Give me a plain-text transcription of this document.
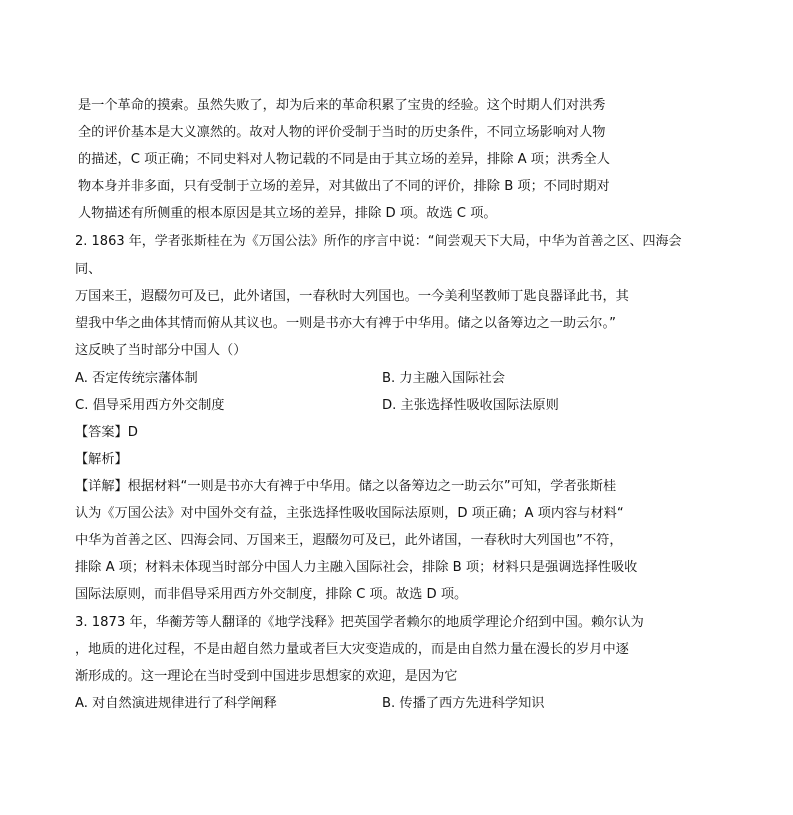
是一个革命的摸索。虽然失败了，却为后来的革命积累了宝贵的经验。这个时期人们对洪秀
全的评价基本是大义凛然的。故对人物的评价受制于当时的历史条件，不同立场影响对人物
的描述，C 项正确；不同史料对人物记载的不同是由于其立场的差异，排除 A 项；洪秀全人
物本身并非多面，只有受制于立场的差异，对其做出了不同的评价，排除 B 项；不同时期对
人物描述有所侧重的根本原因是其立场的差异，排除 D 项。故选 C 项。
2. 1863 年，学者张斯桂在为《万国公法》所作的序言中说：“间尝观天下大局，中华为首善之区、四海会
同、
万国来王，遐醊勿可及已，此外诸国，一春秋时大列国也。一今美利坚教师丁匙良器译此书，其
望我中华之曲体其情而俯从其议也。一则是书亦大有裨于中华用。储之以备筹边之一助云尔。”
这反映了当时部分中国人（）
A. 否定传统宗藩体制	B. 力主融入国际社会
C. 倡导采用西方外交制度	D. 主张选择性吸收国际法原则
【答案】D
【解析】
【详解】根据材料“一则是书亦大有裨于中华用。储之以备筹边之一助云尔”可知，学者张斯桂
认为《万国公法》对中国外交有益，主张选择性吸收国际法原则，D 项正确；A 项内容与材料“
中华为首善之区、四海会同、万国来王，遐醊勿可及已，此外诸国，一春秋时大列国也”不符，
排除 A 项；材料未体现当时部分中国人力主融入国际社会，排除 B 项；材料只是强调选择性吸收
国际法原则，而非倡导采用西方外交制度，排除 C 项。故选 D 项。
3. 1873 年，华蘅芳等人翻译的《地学浅释》把英国学者赖尔的地质学理论介绍到中国。赖尔认为
，地质的进化过程，不是由超自然力量或者巨大灾变造成的，而是由自然力量在漫长的岁月中逐
渐形成的。这一理论在当时受到中国进步思想家的欢迎，是因为它
A. 对自然演进规律进行了科学阐释	B. 传播了西方先进科学知识
